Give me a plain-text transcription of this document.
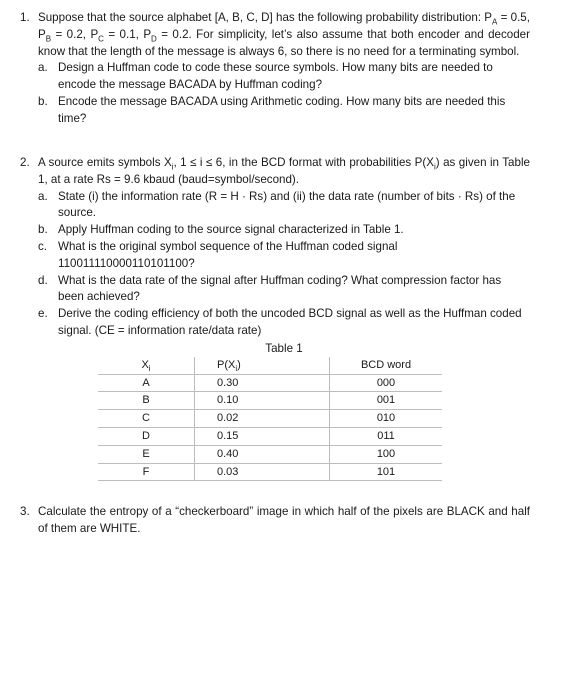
1. Suppose that the source alphabet [A, B, C, D] has the following probability distribution: $P_A = 0.5$, $P_B = 0.2$, $P_C = 0.1$, $P_D = 0.2$. For simplicity, let’s also assume that both encoder and decoder know that the length of the message is always 6, so there is no need for a terminating symbol.

a. Design a Huffman code to code these source symbols. How many bits are needed to encode the message BACADA by Huffman coding?
b. Encode the message BACADA using Arithmetic coding. How many bits are needed this time?
2. A source emits symbols $X_i$, 1 ≤ i ≤ 6, in the BCD format with probabilities $P(X_i)$ as given in Table 1, at a rate Rs = 9.6 kbaud (baud=symbol/second).

a. State (i) the information rate (R = H · Rs) and (ii) the data rate (number of bits · Rs) of the source.
b. Apply Huffman coding to the source signal characterized in Table 1.
c. What is the original symbol sequence of the Huffman coded signal 110011110000110101100?
d. What is the data rate of the signal after Huffman coding? What compression factor has been achieved?
e. Derive the coding efficiency of both the uncoded BCD signal as well as the Huffman coded signal. (CE = information rate/data rate)
Table 1
$X_i$	$P(X_i)$	BCD word
A	0.30	000
B	0.10	001
C	0.02	010
D	0.15	011
E	0.40	100
F	0.03	101
3. Calculate the entropy of a “checkerboard” image in which half of the pixels are BLACK and half of them are WHITE.
